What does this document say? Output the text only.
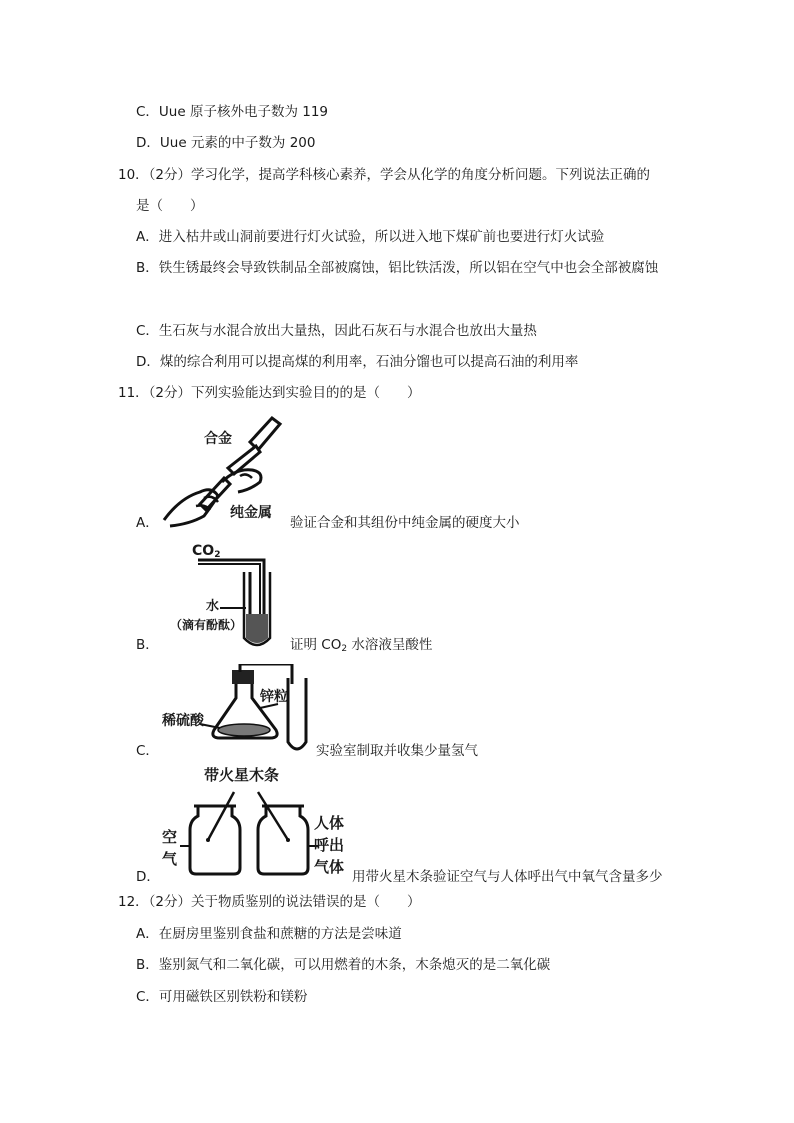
C．Uue 原子核外电子数为 119
D．Uue 元素的中子数为 200
10．（2分）学习化学，提高学科核心素养，学会从化学的角度分析问题。下列说法正确的
是（　　）
A．进入枯井或山洞前要进行灯火试验，所以进入地下煤矿前也要进行灯火试验
B．铁生锈最终会导致铁制品全部被腐蚀，铝比铁活泼，所以铝在空气中也会全部被腐蚀
C．生石灰与水混合放出大量热，因此石灰石与水混合也放出大量热
D．煤的综合利用可以提高煤的利用率，石油分馏也可以提高石油的利用率
11．（2分）下列实验能达到实验目的的是（　　）
A．
合金
纯金属
验证合金和其组份中纯金属的硬度大小
B．
$CO_2$
水
（滴有酚酞）
证明 $CO_2$ 水溶液呈酸性
C．
稀硫酸
锌粒
实验室制取并收集少量氢气
D．
带火星木条
空
气
人体
呼出
气体
用带火星木条验证空气与人体呼出气中氧气含量多少
12．（2分）关于物质鉴别的说法错误的是（　　）
A．在厨房里鉴别食盐和蔗糖的方法是尝味道
B．鉴别氮气和二氧化碳，可以用燃着的木条，木条熄灭的是二氧化碳
C．可用磁铁区别铁粉和镁粉
